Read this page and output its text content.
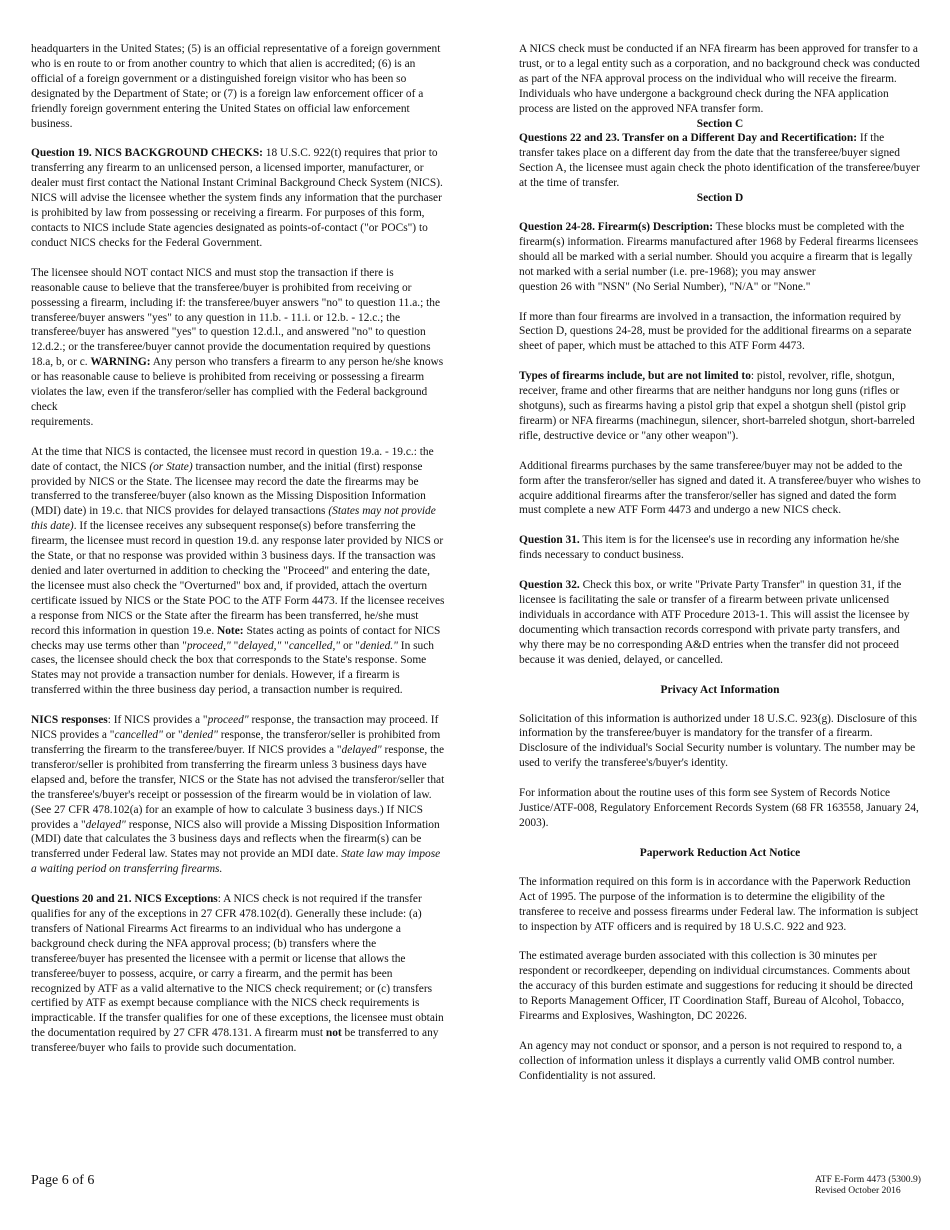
headquarters in the United States; (5) is an official representative of a foreign government who is en route to or from another country to which that alien is accredited; (6) is an official of a foreign government or a distinguished foreign visitor who has been so designated by the Department of State; or (7) is a foreign law enforcement officer of a friendly foreign government entering the United States on official law enforcement business.

Question 19. NICS BACKGROUND CHECKS: 18 U.S.C. 922(t) requires that prior to transferring any firearm to an unlicensed person, a licensed importer, manufacturer, or dealer must first contact the National Instant Criminal Background Check System (NICS). NICS will advise the licensee whether the system finds any information that the purchaser is prohibited by law from possessing or receiving a firearm. For purposes of this form, contacts to NICS include State agencies designated as points-of-contact ("or POCs") to conduct NICS checks for the Federal Government.

The licensee should NOT contact NICS and must stop the transaction if there is reasonable cause to believe that the transferee/buyer is prohibited from receiving or possessing a firearm, including if: the transferee/buyer answers "no" to question 11.a.; the transferee/buyer answers "yes" to any question in 11.b. - 11.i. or 12.b. - 12.c.; the transferee/buyer has answered "yes" to question 12.d.l., and answered "no" to question 12.d.2.; or the transferee/buyer cannot provide the documentation required by questions 18.a, b, or c. WARNING: Any person who transfers a firearm to any person he/she knows or has reasonable cause to believe is prohibited from receiving or possessing a firearm violates the law, even if the transferor/seller has complied with the Federal background check

requirements.

At the time that NICS is contacted, the licensee must record in question 19.a. - 19.c.: the date of contact, the NICS (or State) transaction number, and the initial (first) response provided by NICS or the State. The licensee may record the date the firearms may be transferred to the transferee/buyer (also known as the Missing Disposition Information (MDI) date) in 19.c. that NICS provides for delayed transactions (States may not provide this date). If the licensee receives any subsequent response(s) before transferring the firearm, the licensee must record in question 19.d. any response later provided by NICS or the State, or that no response was provided within 3 business days. If the transaction was denied and later overturned in addition to checking the "Proceed" and entering the date, the licensee must also check the "Overturned" box and, if provided, attach the overturn certificate issued by NICS or the State POC to the ATF Form 4473. If the licensee receives a response from NICS or the State after the firearm has been transferred, he/she must record this information in question 19.e. Note: States acting as points of contact for NICS checks may use terms other than "proceed," "delayed," "cancelled," or "denied." In such cases, the licensee should check the box that corresponds to the State's response. Some States may not provide a transaction number for denials. However, if a firearm is transferred within the three business day period, a transaction number is required.

NICS responses: If NICS provides a "proceed" response, the transaction may proceed. If NICS provides a "cancelled" or "denied" response, the transferor/seller is prohibited from transferring the firearm to the transferee/buyer. If NICS provides a "delayed" response, the transferor/seller is prohibited from transferring the firearm unless 3 business days have elapsed and, before the transfer, NICS or the State has not advised the transferor/seller that the transferee's/buyer's receipt or possession of the firearm would be in violation of law. (See 27 CFR 478.102(a) for an example of how to calculate 3 business days.) If NICS provides a "delayed" response, NICS also will provide a Missing Disposition Information (MDI) date that calculates the 3 business days and reflects when the firearm(s) can be transferred under Federal law. States may not provide an MDI date. State law may impose a waiting period on transferring firearms.

Questions 20 and 21. NICS Exceptions: A NICS check is not required if the transfer qualifies for any of the exceptions in 27 CFR 478.102(d). Generally these include: (a) transfers of National Firearms Act firearms to an individual who has undergone a background check during the NFA approval process; (b) transfers where the transferee/buyer has presented the licensee with a permit or license that allows the transferee/buyer to possess, acquire, or carry a firearm, and the permit has been recognized by ATF as a valid alternative to the NICS check requirement; or (c) transfers certified by ATF as exempt because compliance with the NICS check requirements is impracticable. If the transfer qualifies for one of these exceptions, the licensee must obtain the documentation required by 27 CFR 478.131. A firearm must not be transferred to any transferee/buyer who fails to provide such documentation.

A NICS check must be conducted if an NFA firearm has been approved for transfer to a trust, or to a legal entity such as a corporation, and no background check was conducted as part of the NFA approval process on the individual who will receive the firearm. Individuals who have undergone a background check during the NFA application process are listed on the approved NFA transfer form.

Section C

Questions 22 and 23. Transfer on a Different Day and Recertification: If the transfer takes place on a different day from the date that the transferee/buyer signed Section A, the licensee must again check the photo identification of the transferee/buyer at the time of transfer.

Section D

Question 24-28. Firearm(s) Description: These blocks must be completed with the firearm(s) information. Firearms manufactured after 1968 by Federal firearms licensees should all be marked with a serial number. Should you acquire a firearm that is legally not marked with a serial number (i.e. pre-1968); you may answer

question 26 with "NSN" (No Serial Number), "N/A" or "None."

If more than four firearms are involved in a transaction, the information required by Section D, questions 24-28, must be provided for the additional firearms on a separate sheet of paper, which must be attached to this ATF Form 4473.

Types of firearms include, but are not limited to: pistol, revolver, rifle, shotgun, receiver, frame and other firearms that are neither handguns nor long guns (rifles or shotguns), such as firearms having a pistol grip that expel a shotgun shell (pistol grip firearm) or NFA firearms (machinegun, silencer, short-barreled shotgun, short-barreled rifle, destructive device or "any other weapon").

Additional firearms purchases by the same transferee/buyer may not be added to the form after the transferor/seller has signed and dated it. A transferee/buyer who wishes to acquire additional firearms after the transferor/seller has signed and dated the form must complete a new ATF Form 4473 and undergo a new NICS check.

Question 31. This item is for the licensee's use in recording any information he/she finds necessary to conduct business.

Question 32. Check this box, or write "Private Party Transfer" in question 31, if the licensee is facilitating the sale or transfer of a firearm between private unlicensed individuals in accordance with ATF Procedure 2013-1. This will assist the licensee by documenting which transaction records correspond with private party transfers, and why there may be no corresponding A&D entries when the transfer did not proceed because it was denied, delayed, or cancelled.

Privacy Act Information

Solicitation of this information is authorized under 18 U.S.C. 923(g). Disclosure of this information by the transferee/buyer is mandatory for the transfer of a firearm. Disclosure of the individual's Social Security number is voluntary. The number may be used to verify the transferee's/buyer's identity.

For information about the routine uses of this form see System of Records Notice Justice/ATF-008, Regulatory Enforcement Records System (68 FR 163558, January 24, 2003).

Paperwork Reduction Act Notice

The information required on this form is in accordance with the Paperwork Reduction Act of 1995. The purpose of the information is to determine the eligibility of the transferee to receive and possess firearms under Federal law. The information is subject to inspection by ATF officers and is required by 18 U.S.C. 922 and 923.

The estimated average burden associated with this collection is 30 minutes per respondent or recordkeeper, depending on individual circumstances. Comments about the accuracy of this burden estimate and suggestions for reducing it should be directed to Reports Management Officer, IT Coordination Staff, Bureau of Alcohol, Tobacco, Firearms and Explosives, Washington, DC 20226.

An agency may not conduct or sponsor, and a person is not required to respond to, a collection of information unless it displays a currently valid OMB control number. Confidentiality is not assured.

Page 6 of 6	ATF E-Form 4473 (5300.9)
Revised October 2016
